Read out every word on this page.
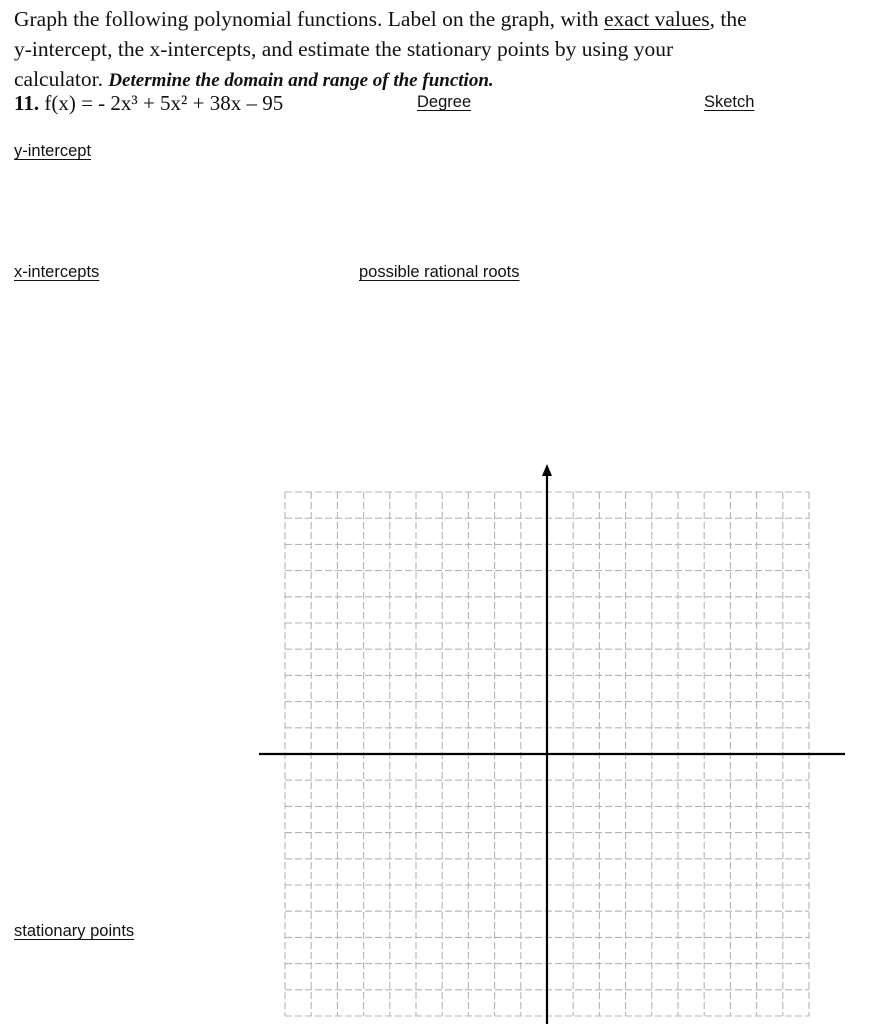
Graph the following polynomial functions. Label on the graph, with exact values, the
y-intercept, the x-intercepts, and estimate the stationary points by using your
calculator. Determine the domain and range of the function.
11. f(x) = - 2x³ + 5x² + 38x – 95	Degree	Sketch
y-intercept
x-intercepts	possible rational roots
stationary points
